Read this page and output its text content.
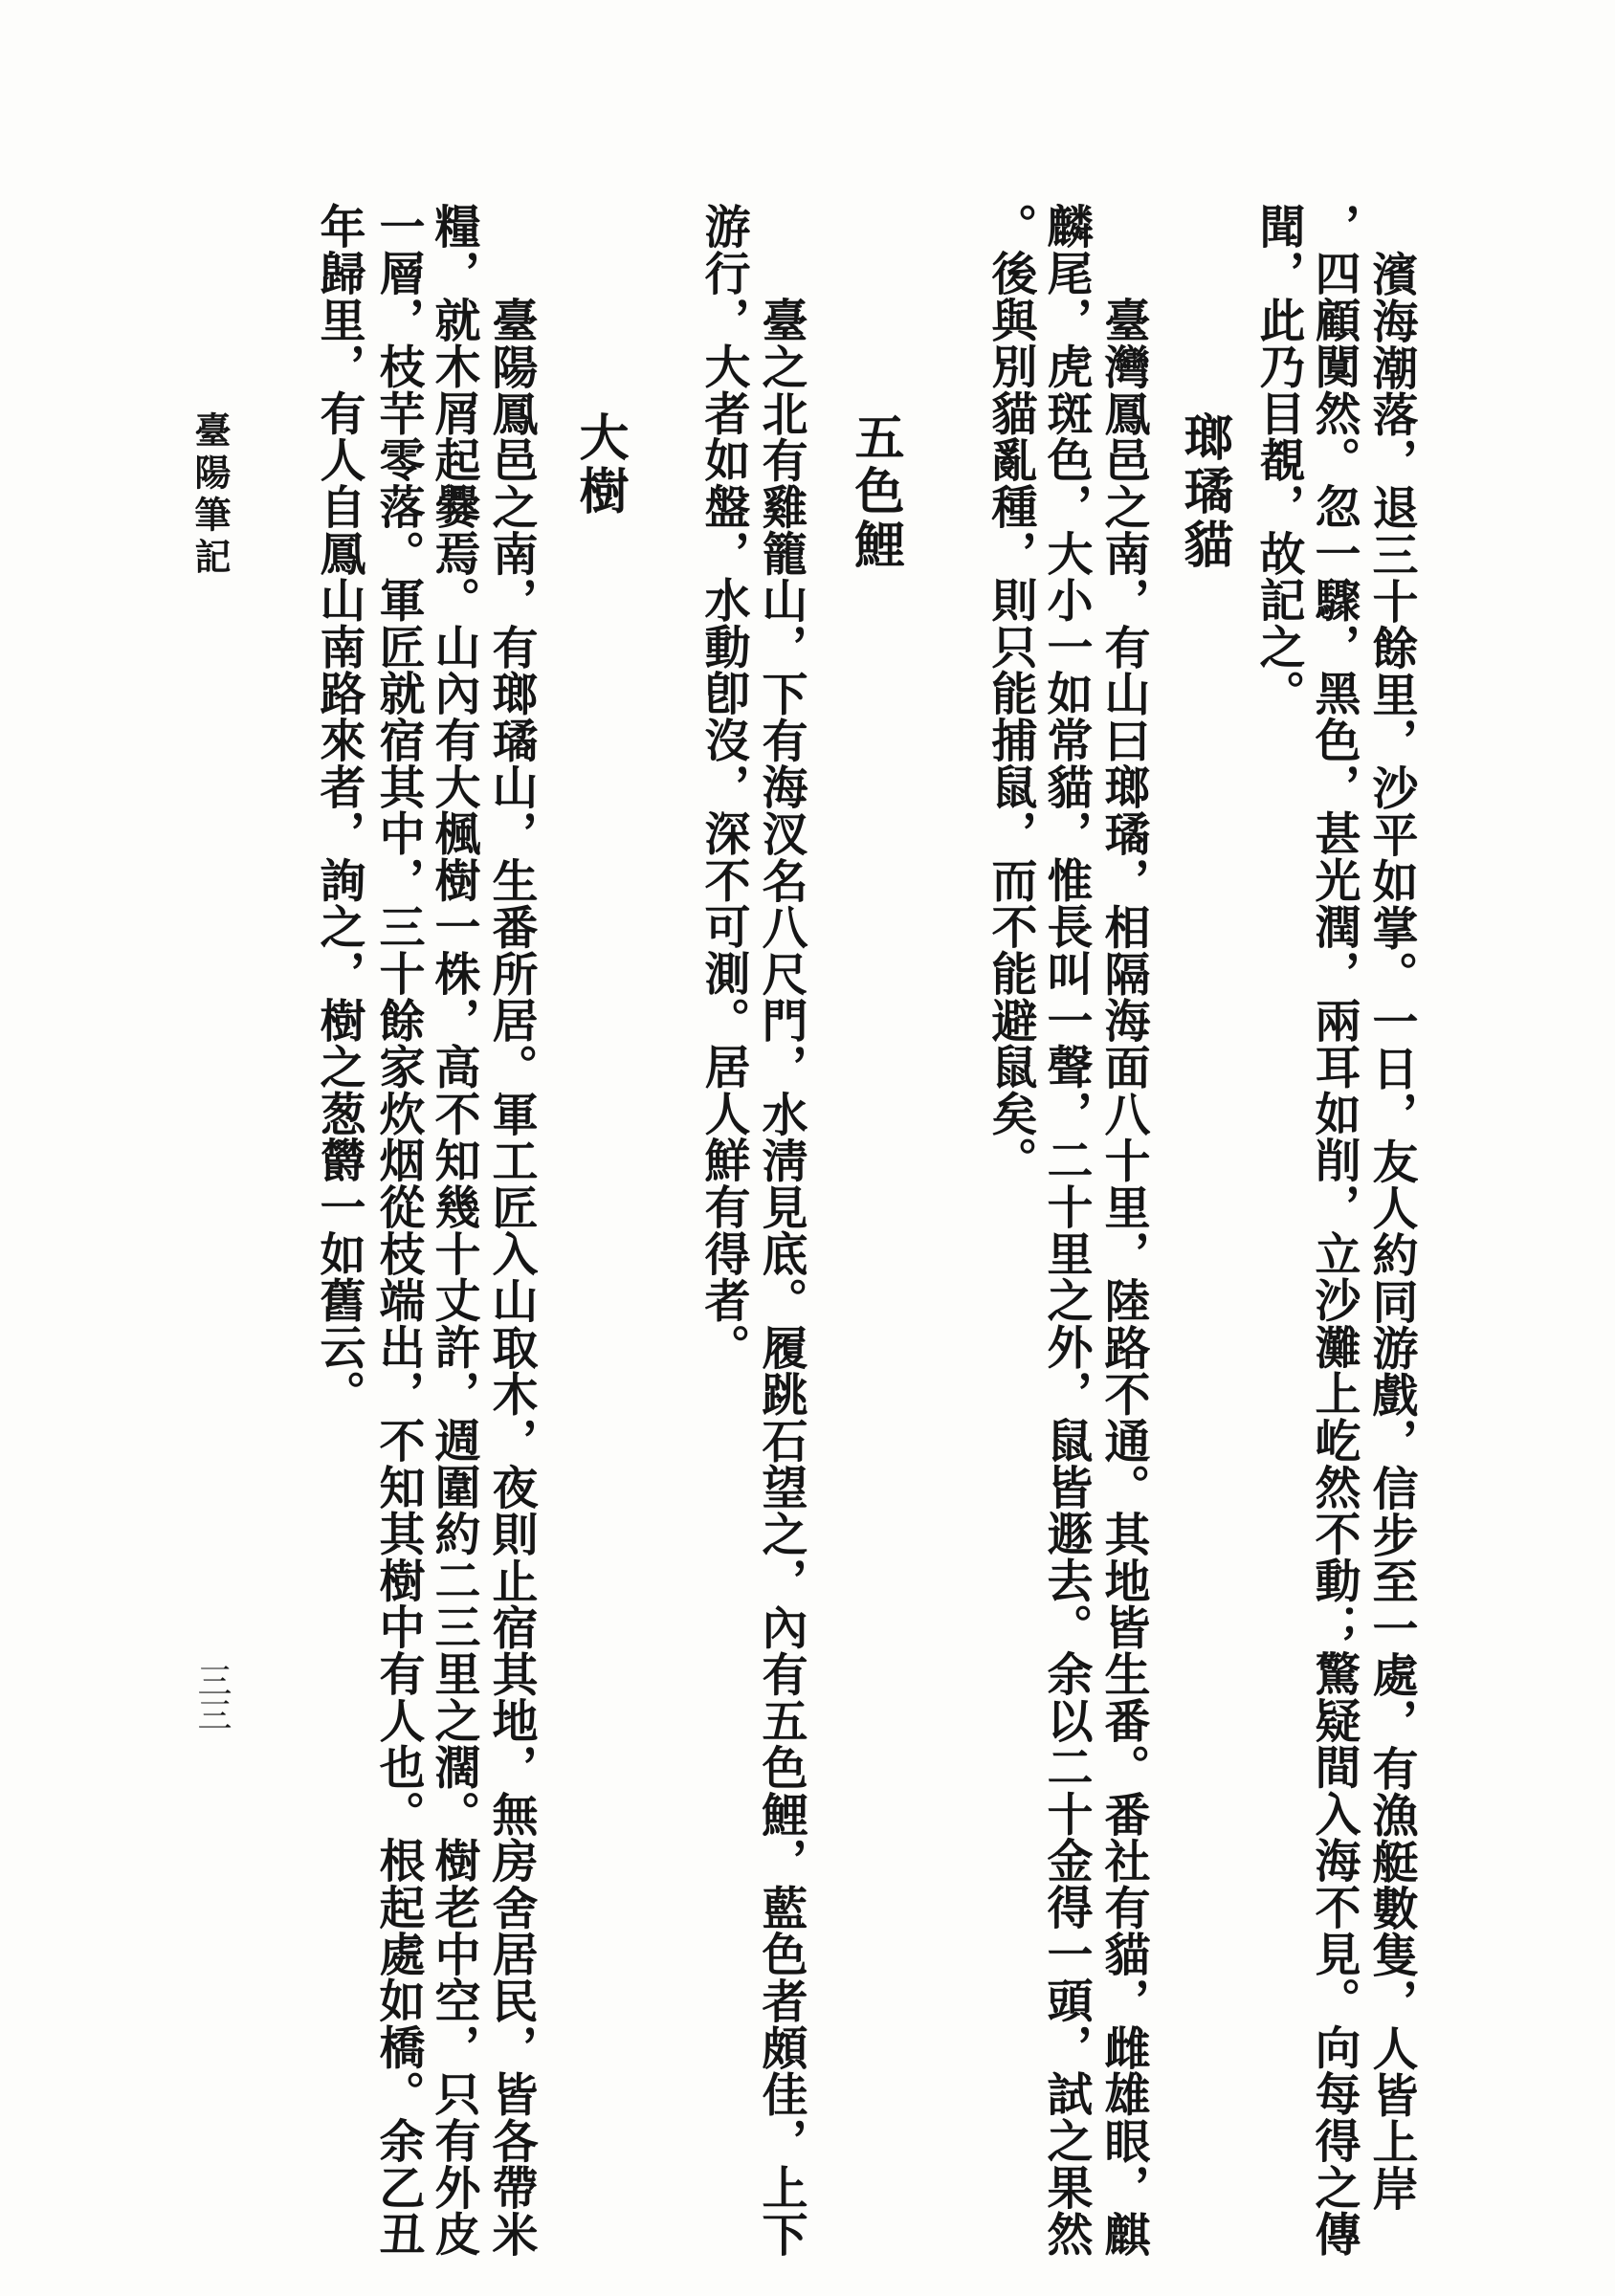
濱海潮落，退三十餘里，沙平如掌。一日，友人約同游戲，信步至一處，有漁艇數隻，人皆上岸
，四顧闃然。忽一驟，黑色，甚光潤，兩耳如削，立沙灘上屹然不動；驚疑間入海不見。向每得之傳
聞，此乃目覩，故記之。
瑯璚貓
臺灣鳳邑之南，有山曰瑯璚，相隔海面八十里，陸路不通。其地皆生番。番社有貓，雌雄眼，麒
麟尾，虎斑色，大小一如常貓，惟長叫一聲，二十里之外，鼠皆遯去。余以二十金得一頭，試之果然
。後與別貓亂種，則只能捕鼠，而不能避鼠矣。
五色鯉
臺之北有雞籠山，下有海汊名八尺門，水淸見底。履跳石望之，內有五色鯉，藍色者頗佳，上下
游行，大者如盤，水動卽沒，深不可測。居人鮮有得者。
大樹
臺陽鳳邑之南，有瑯璚山，生番所居。軍工匠入山取木，夜則止宿其地，無房舍居民，皆各帶米
糧，就木屑起爨焉。山內有大楓樹一株，高不知幾十丈許，週圍約二三里之濶。樹老中空，只有外皮
一層，枝芉零落。軍匠就宿其中，三十餘家炊烟從枝端出，不知其樹中有人也。根起處如橋。余乙丑
年歸里，有人自鳳山南路來者，詢之，樹之葱欝一如舊云。
臺陽筆記
三三
